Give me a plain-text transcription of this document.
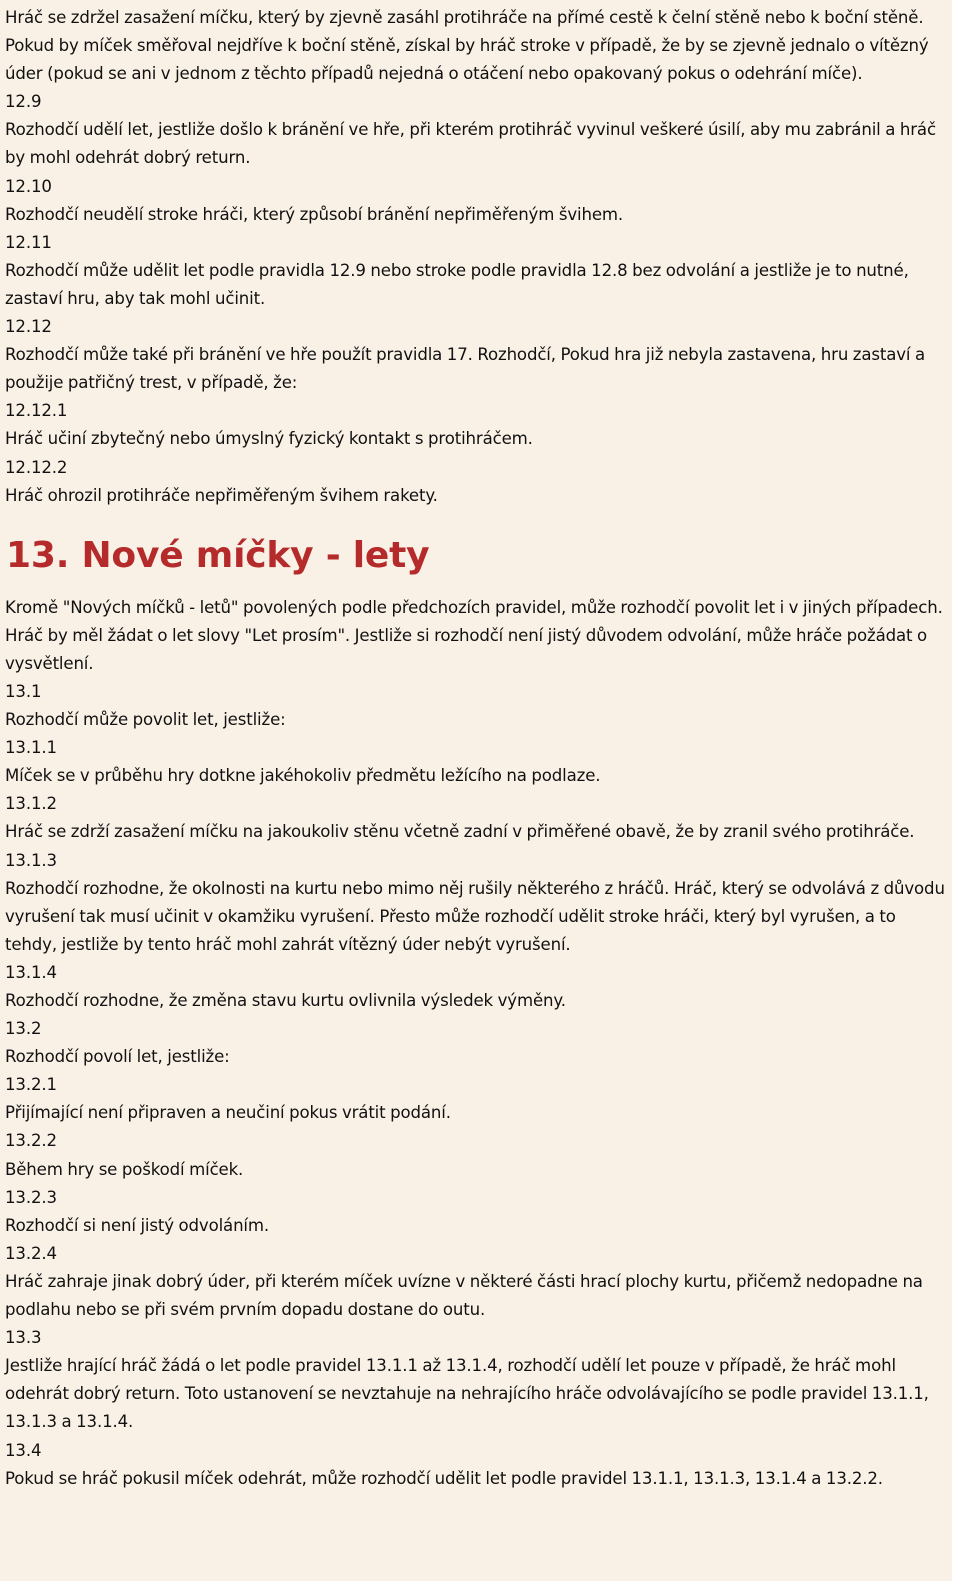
Hráč se zdržel zasažení míčku, který by zjevně zasáhl protihráče na přímé cestě k čelní stěně nebo k boční stěně. Pokud by míček směřoval nejdříve k boční stěně, získal by hráč stroke v případě, že by se zjevně jednalo o vítězný úder (pokud se ani v jednom z těchto případů nejedná o otáčení nebo opakovaný pokus o odehrání míče).

12.9

Rozhodčí udělí let, jestliže došlo k bránění ve hře, při kterém protihráč vyvinul veškeré úsilí, aby mu zabránil a hráč by mohl odehrát dobrý return.

12.10

Rozhodčí neudělí stroke hráči, který způsobí bránění nepřiměřeným švihem.

12.11

Rozhodčí může udělit let podle pravidla 12.9 nebo stroke podle pravidla 12.8 bez odvolání a jestliže je to nutné, zastaví hru, aby tak mohl učinit.

12.12

Rozhodčí může také při bránění ve hře použít pravidla 17. Rozhodčí, Pokud hra již nebyla zastavena, hru zastaví a použije patřičný trest, v případě, že:

12.12.1

Hráč učiní zbytečný nebo úmyslný fyzický kontakt s protihráčem.

12.12.2

Hráč ohrozil protihráče nepřiměřeným švihem rakety.

13. Nové míčky - lety

Kromě "Nových míčků - letů" povolených podle předchozích pravidel, může rozhodčí povolit let i v jiných případech. Hráč by měl žádat o let slovy "Let prosím". Jestliže si rozhodčí není jistý důvodem odvolání, může hráče požádat o vysvětlení.

13.1

Rozhodčí může povolit let, jestliže:

13.1.1

Míček se v průběhu hry dotkne jakéhokoliv předmětu ležícího na podlaze.

13.1.2

Hráč se zdrží zasažení míčku na jakoukoliv stěnu včetně zadní v přiměřené obavě, že by zranil svého protihráče.

13.1.3

Rozhodčí rozhodne, že okolnosti na kurtu nebo mimo něj rušily některého z hráčů. Hráč, který se odvolává z důvodu vyrušení tak musí učinit v okamžiku vyrušení. Přesto může rozhodčí udělit stroke hráči, který byl vyrušen, a to tehdy, jestliže by tento hráč mohl zahrát vítězný úder nebýt vyrušení.

13.1.4

Rozhodčí rozhodne, že změna stavu kurtu ovlivnila výsledek výměny.

13.2

Rozhodčí povolí let, jestliže:

13.2.1

Přijímající není připraven a neučiní pokus vrátit podání.

13.2.2

Během hry se poškodí míček.

13.2.3

Rozhodčí si není jistý odvoláním.

13.2.4

Hráč zahraje jinak dobrý úder, při kterém míček uvízne v některé části hrací plochy kurtu, přičemž nedopadne na podlahu nebo se při svém prvním dopadu dostane do outu.

13.3

Jestliže hrající hráč žádá o let podle pravidel 13.1.1 až 13.1.4, rozhodčí udělí let pouze v případě, že hráč mohl odehrát dobrý return. Toto ustanovení se nevztahuje na nehrajícího hráče odvolávajícího se podle pravidel 13.1.1, 13.1.3 a 13.1.4.

13.4

Pokud se hráč pokusil míček odehrát, může rozhodčí udělit let podle pravidel 13.1.1, 13.1.3, 13.1.4 a 13.2.2.
